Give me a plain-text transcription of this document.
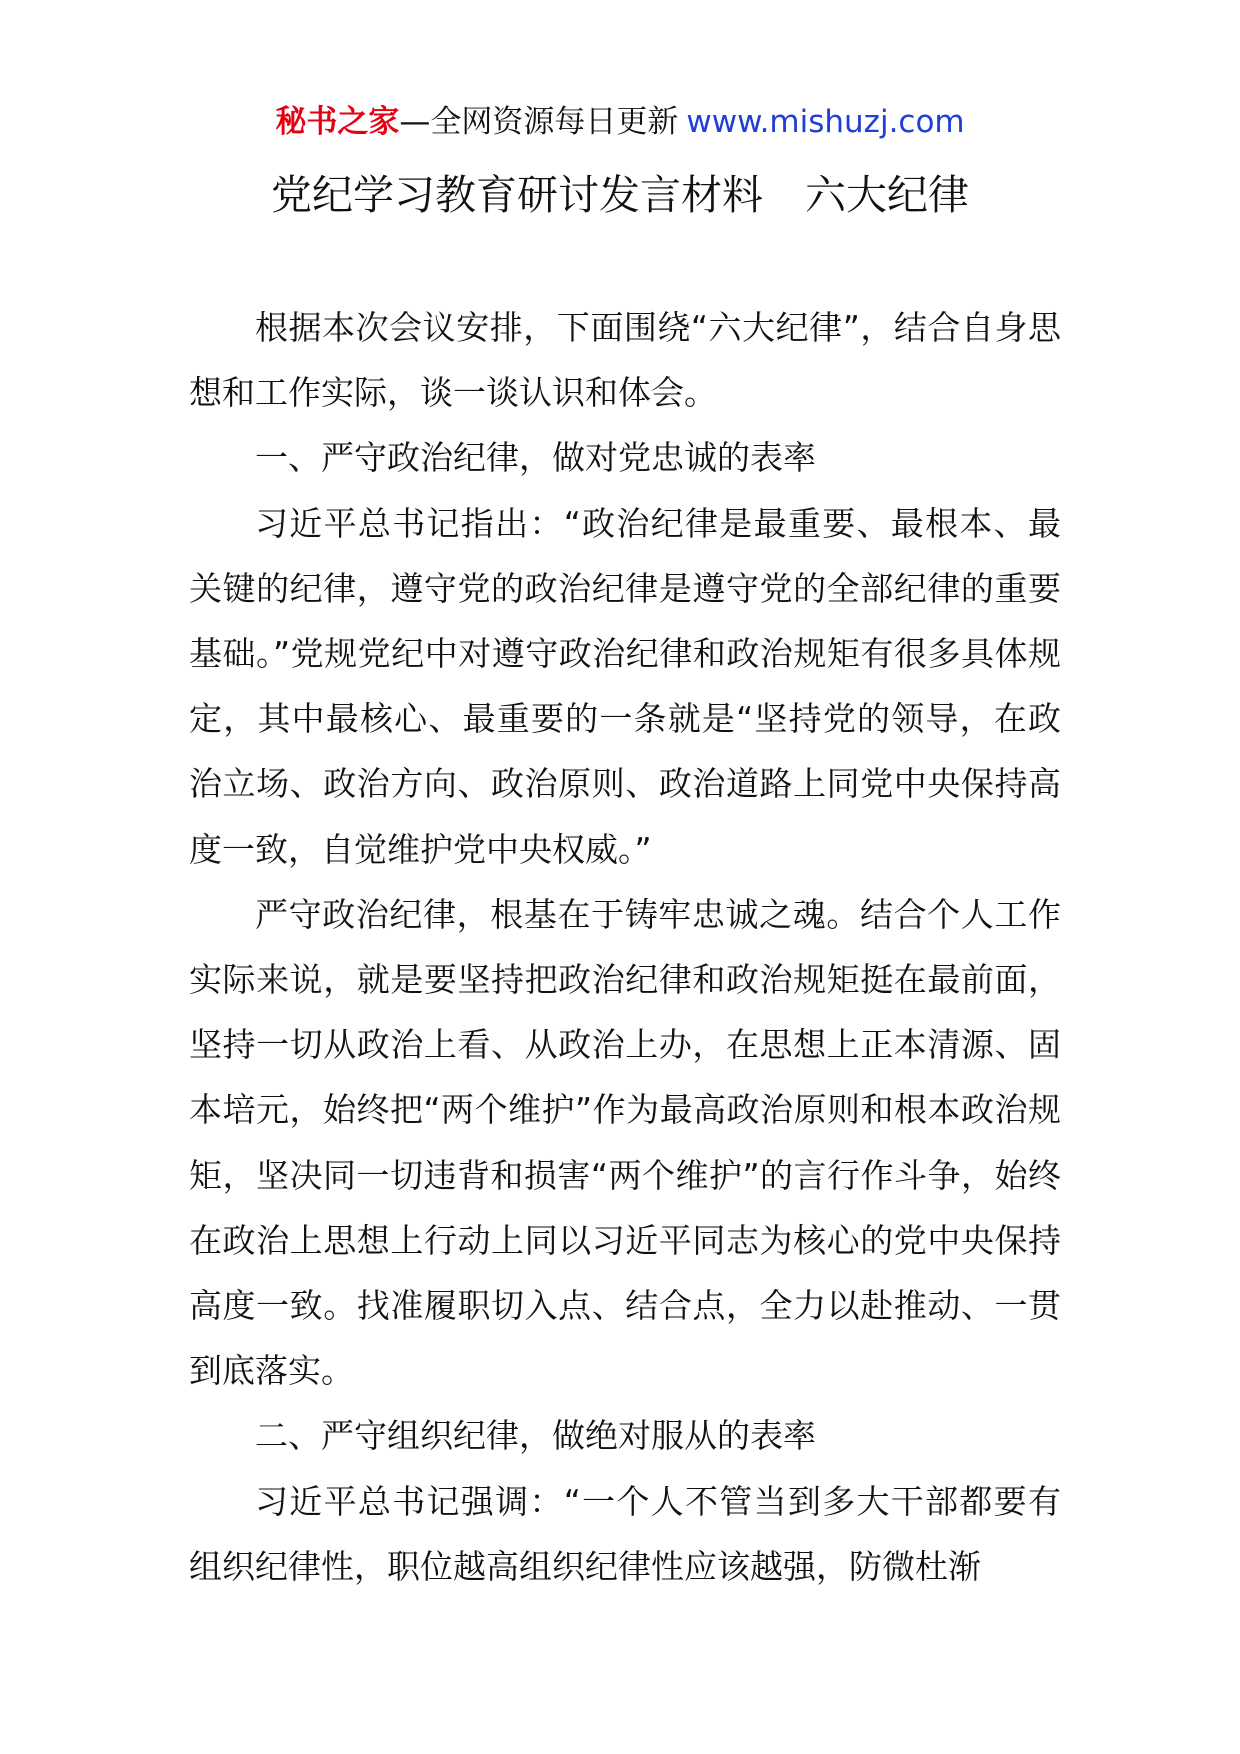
秘书之家—全网资源每日更新 www.mishuzj.com
党纪学习教育研讨发言材料 六大纪律

根据本次会议安排，下面围绕“六大纪律”，结合自身思想和工作实际，谈一谈认识和体会。

一、严守政治纪律，做对党忠诚的表率

习近平总书记指出：“政治纪律是最重要、最根本、最关键的纪律，遵守党的政治纪律是遵守党的全部纪律的重要基础。”党规党纪中对遵守政治纪律和政治规矩有很多具体规定，其中最核心、最重要的一条就是“坚持党的领导，在政治立场、政治方向、政治原则、政治道路上同党中央保持高度一致，自觉维护党中央权威。”

严守政治纪律，根基在于铸牢忠诚之魂。结合个人工作实际来说，就是要坚持把政治纪律和政治规矩挺在最前面，坚持一切从政治上看、从政治上办，在思想上正本清源、固本培元，始终把“两个维护”作为最高政治原则和根本政治规矩，坚决同一切违背和损害“两个维护”的言行作斗争，始终在政治上思想上行动上同以习近平同志为核心的党中央保持高度一致。找准履职切入点、结合点，全力以赴推动、一贯到底落实。

二、严守组织纪律，做绝对服从的表率

习近平总书记强调：“一个人不管当到多大干部都要有组织纪律性，职位越高组织纪律性应该越强，防微杜渐
